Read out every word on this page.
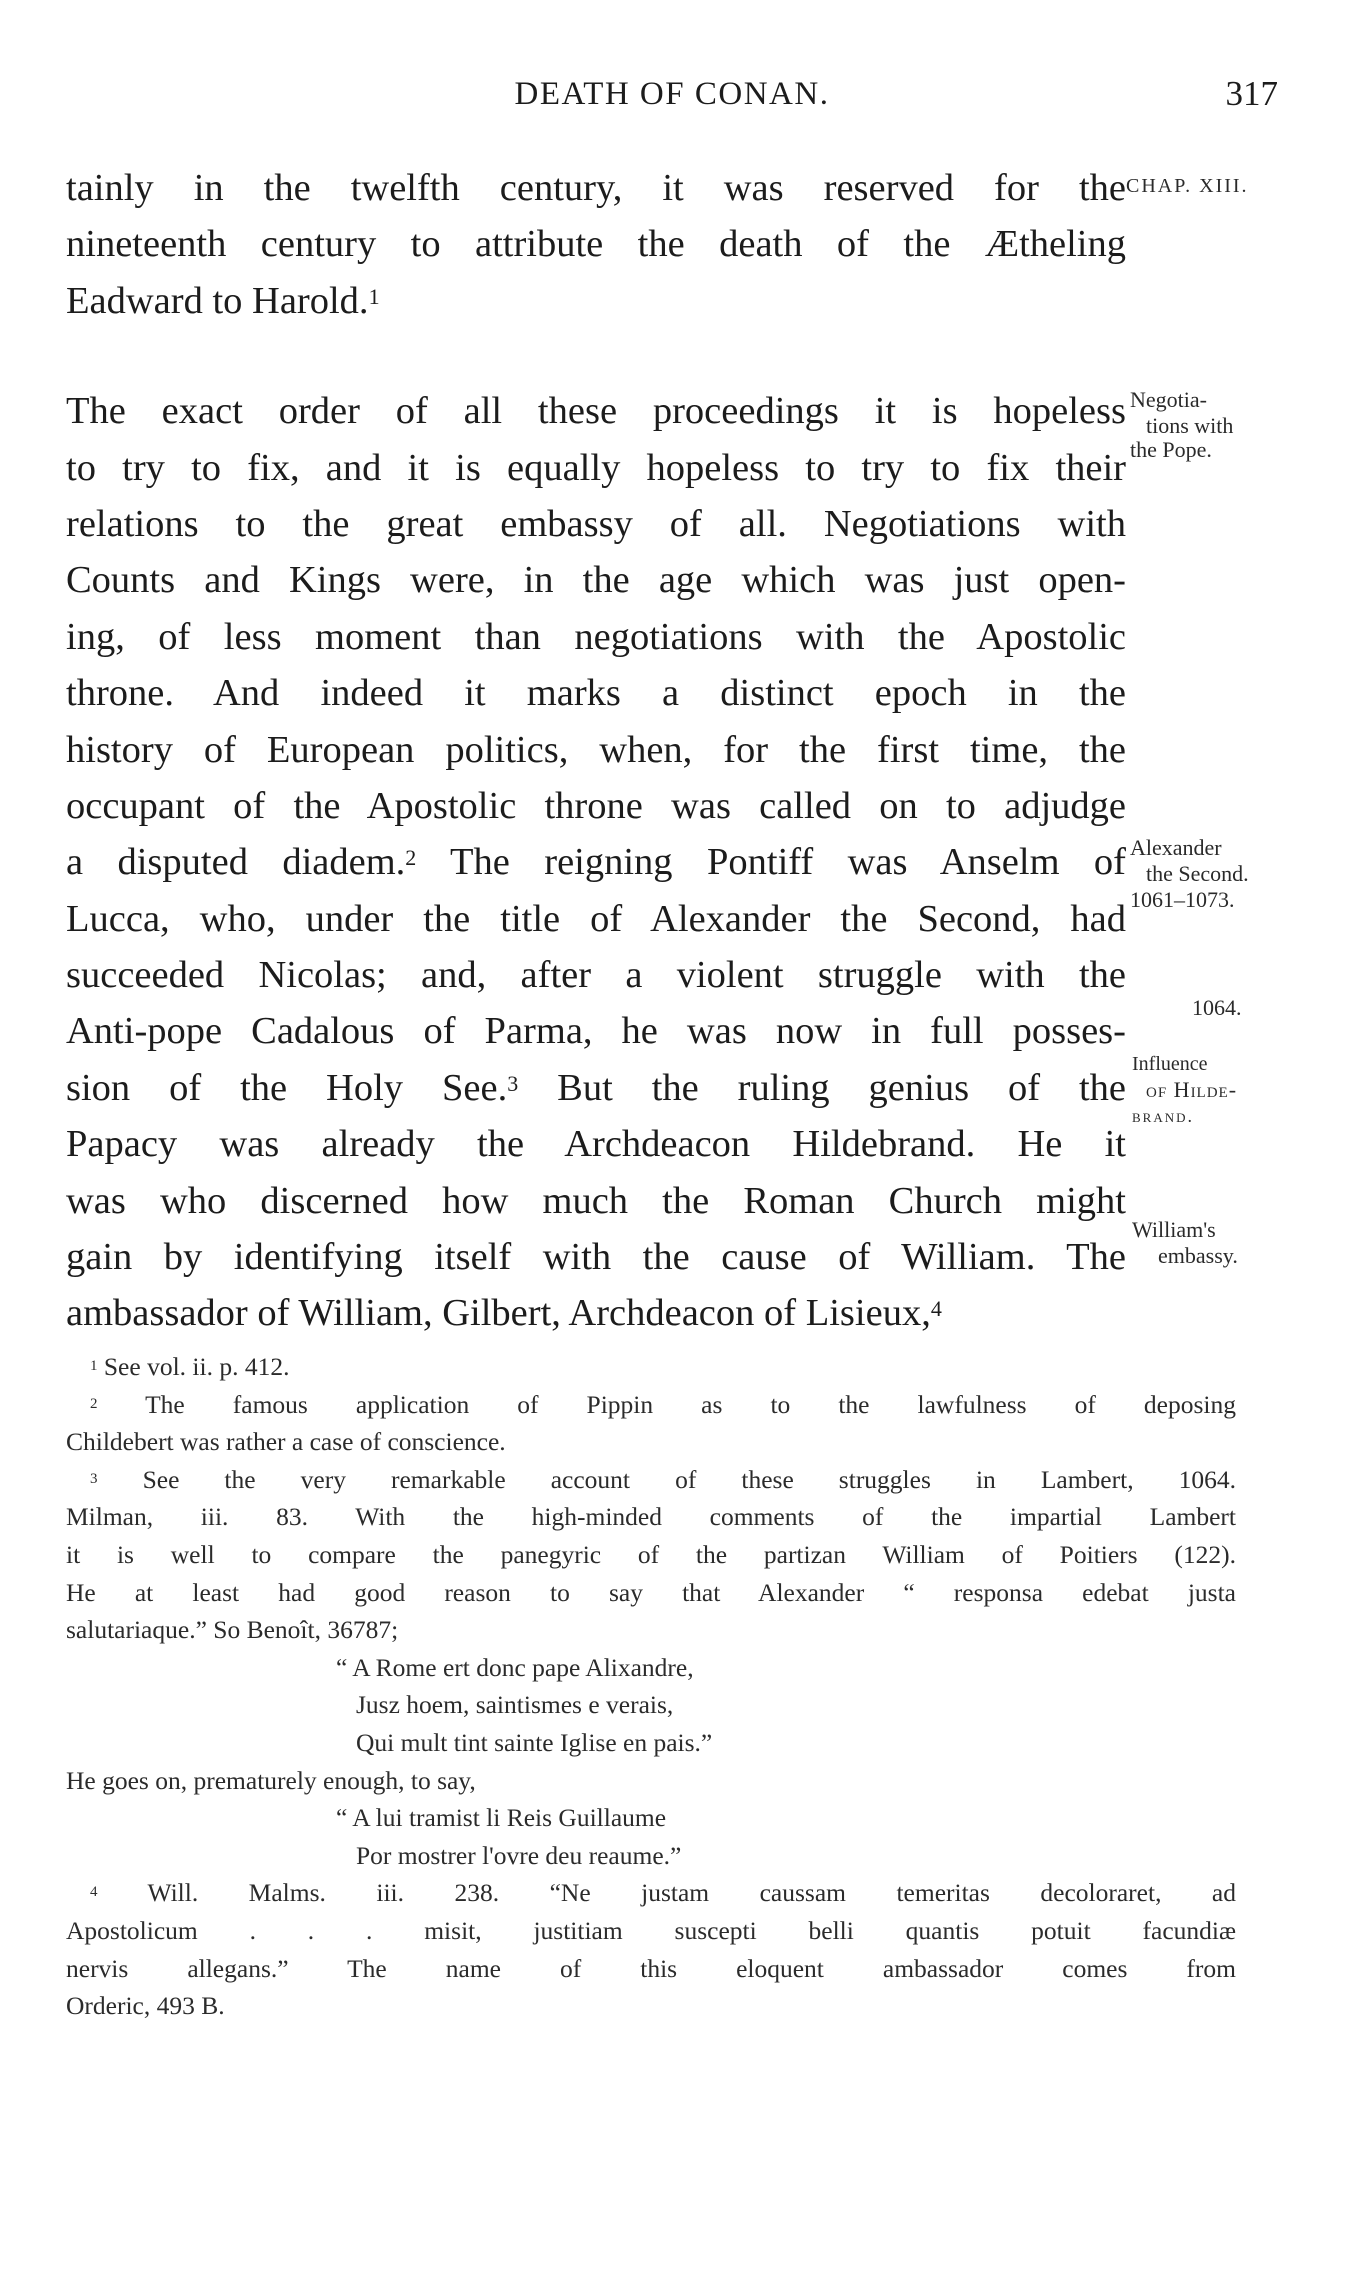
DEATH OF CONAN.	317
tainly in the twelfth century, it was reserved for the
nineteenth century to attribute the death of the Ætheling
Eadward to Harold.$^1$
The exact order of all these proceedings it is hopeless
to try to fix, and it is equally hopeless to try to fix their
relations to the great embassy of all. Negotiations with
Counts and Kings were, in the age which was just open-
ing, of less moment than negotiations with the Apostolic
throne. And indeed it marks a distinct epoch in the
history of European politics, when, for the first time, the
occupant of the Apostolic throne was called on to adjudge
a disputed diadem.$^2$ The reigning Pontiff was Anselm of
Lucca, who, under the title of Alexander the Second, had
succeeded Nicolas; and, after a violent struggle with the
Anti-pope Cadalous of Parma, he was now in full posses-
sion of the Holy See.$^3$ But the ruling genius of the
Papacy was already the Archdeacon Hildebrand. He it
was who discerned how much the Roman Church might
gain by identifying itself with the cause of William. The
ambassador of William, Gilbert, Archdeacon of Lisieux,$^4$
CHAP. XIII.
Negotia-
tions with
the Pope.
Alexander
the Second.
1061–1073.
1064.
Influence
of Hilde-
brand.
William's
embassy.
$^1$ See vol. ii. p. 412.
$^2$ The famous application of Pippin as to the lawfulness of deposing
Childebert was rather a case of conscience.
$^3$ See the very remarkable account of these struggles in Lambert, 1064.
Milman, iii. 83. With the high-minded comments of the impartial Lambert
it is well to compare the panegyric of the partizan William of Poitiers (122).
He at least had good reason to say that Alexander “ responsa edebat justa
salutariaque.” So Benoît, 36787;
“ A Rome ert donc pape Alixandre,
Jusz hoem, saintismes e verais,
Qui mult tint sainte Iglise en pais.”
He goes on, prematurely enough, to say,
“ A lui tramist li Reis Guillaume
Por mostrer l'ovre deu reaume.”
$^4$ Will. Malms. iii. 238. “Ne justam caussam temeritas decoloraret, ad
Apostolicum . . . misit, justitiam suscepti belli quantis potuit facundiæ
nervis allegans.” The name of this eloquent ambassador comes from
Orderic, 493 B.
